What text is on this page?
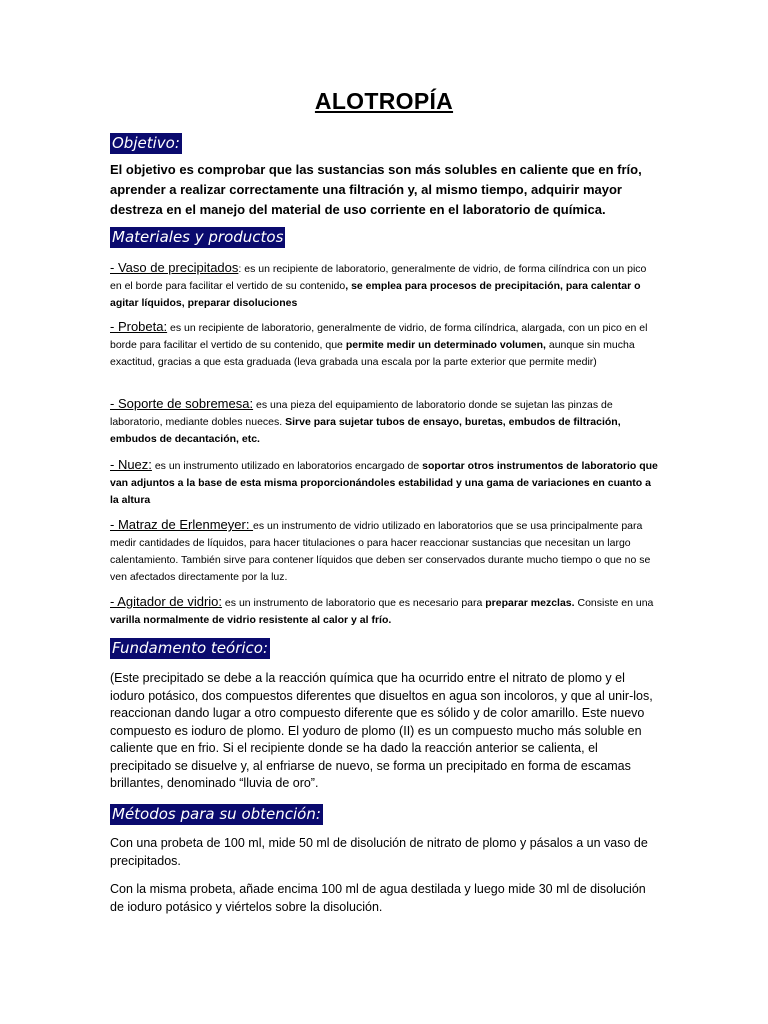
ALOTROPÍA
Objetivo:
El objetivo es comprobar que las sustancias son más solubles en caliente que en frío, aprender a realizar correctamente una filtración y, al mismo tiempo, adquirir mayor destreza en el manejo del material de uso corriente en el laboratorio de química.
Materiales y productos
- Vaso de precipitados: es un recipiente de laboratorio, generalmente de vidrio, de forma cilíndrica con un pico en el borde para facilitar el vertido de su contenido, se emplea para procesos de precipitación, para calentar o agitar líquidos, preparar disoluciones
- Probeta: es un recipiente de laboratorio, generalmente de vidrio, de forma cilíndrica, alargada, con un pico en el borde para facilitar el vertido de su contenido, que permite medir un determinado volumen, aunque sin mucha exactitud, gracias a que esta graduada (leva grabada una escala por la parte exterior que permite medir)
- Soporte de sobremesa: es una pieza del equipamiento de laboratorio donde se sujetan las pinzas de laboratorio, mediante dobles nueces. Sirve para sujetar tubos de ensayo, buretas, embudos de filtración, embudos de decantación, etc.
- Nuez: es un instrumento utilizado en laboratorios encargado de soportar otros instrumentos de laboratorio que van adjuntos a la base de esta misma proporcionándoles estabilidad y una gama de variaciones en cuanto a la altura
- Matraz de Erlenmeyer: es un instrumento de vidrio utilizado en laboratorios que se usa principalmente para medir cantidades de líquidos, para hacer titulaciones o para hacer reaccionar sustancias que necesitan un largo calentamiento. También sirve para contener líquidos que deben ser conservados durante mucho tiempo o que no se ven afectados directamente por la luz.
- Agitador de vidrio: es un instrumento de laboratorio que es necesario para preparar mezclas. Consiste en una varilla normalmente de vidrio resistente al calor y al frío.
Fundamento teórico:
(Este precipitado se debe a la reacción química que ha ocurrido entre el nitrato de plomo y el ioduro potásico, dos compuestos diferentes que disueltos en agua son incoloros, y que al unir-los, reaccionan dando lugar a otro compuesto diferente que es sólido y de color amarillo. Este nuevo compuesto es ioduro de plomo. El yoduro de plomo (II) es un compuesto mucho más soluble en caliente que en frio. Si el recipiente donde se ha dado la reacción anterior se calienta, el precipitado se disuelve y, al enfriarse de nuevo, se forma un precipitado en forma de escamas brillantes, denominado “lluvia de oro”.
Métodos para su obtención:
Con una probeta de 100 ml, mide 50 ml de disolución de nitrato de plomo y pásalos a un vaso de precipitados.
Con la misma probeta, añade encima 100 ml de agua destilada y luego mide 30 ml de disolución de ioduro potásico y viértelos sobre la disolución.
